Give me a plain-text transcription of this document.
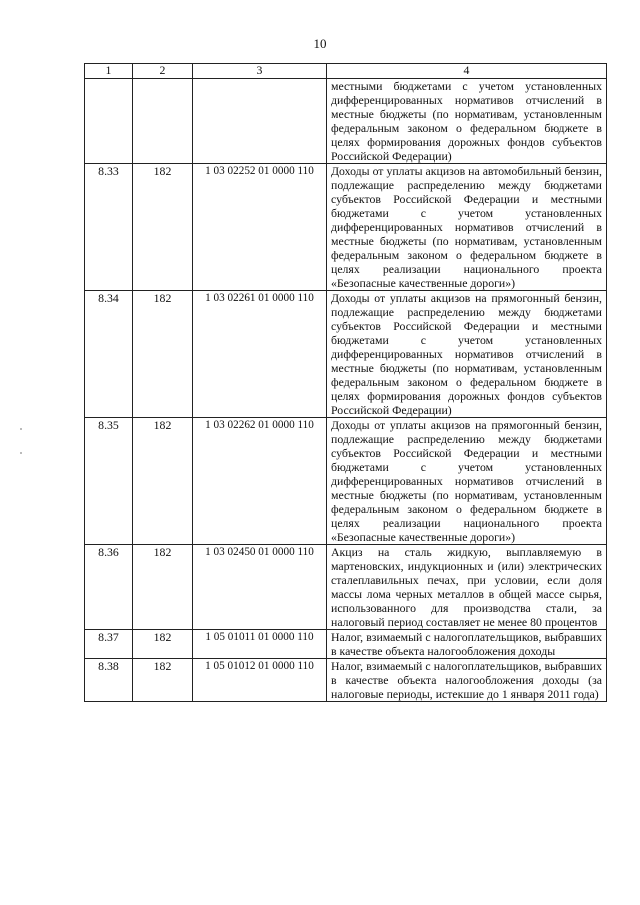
10
1	2	3	4
			местными бюджетами с учетом установленных дифференцированных нормативов отчислений в местные бюджеты (по нормативам, установленным федеральным законом о федеральном бюджете в целях формирования дорожных фондов субъектов Российской Федерации)
8.33	182	1 03 02252 01 0000 110	Доходы от уплаты акцизов на автомобильный бензин, подлежащие распределению между бюджетами субъектов Российской Федерации и местными бюджетами с учетом установленных дифференцированных нормативов отчислений в местные бюджеты (по нормативам, установленным федеральным законом о федеральном бюджете в целях реализации национального проекта «Безопасные качественные дороги»)
8.34	182	1 03 02261 01 0000 110	Доходы от уплаты акцизов на прямогонный бензин, подлежащие распределению между бюджетами субъектов Российской Федерации и местными бюджетами с учетом установленных дифференцированных нормативов отчислений в местные бюджеты (по нормативам, установленным федеральным законом о федеральном бюджете в целях формирования дорожных фондов субъектов Российской Федерации)
8.35	182	1 03 02262 01 0000 110	Доходы от уплаты акцизов на прямогонный бензин, подлежащие распределению между бюджетами субъектов Российской Федерации и местными бюджетами с учетом установленных дифференцированных нормативов отчислений в местные бюджеты (по нормативам, установленным федеральным законом о федеральном бюджете в целях реализации национального проекта «Безопасные качественные дороги»)
8.36	182	1 03 02450 01 0000 110	Акциз на сталь жидкую, выплавляемую в мартеновских, индукционных и (или) электрических сталеплавильных печах, при условии, если доля массы лома черных металлов в общей массе сырья, использованного для производства стали, за налоговый период составляет не менее 80 процентов
8.37	182	1 05 01011 01 0000 110	Налог, взимаемый с налогоплательщиков, выбравших в качестве объекта налогообложения доходы
8.38	182	1 05 01012 01 0000 110	Налог, взимаемый с налогоплательщиков, выбравших в качестве объекта налогообложения доходы (за налоговые периоды, истекшие до 1 января 2011 года)
